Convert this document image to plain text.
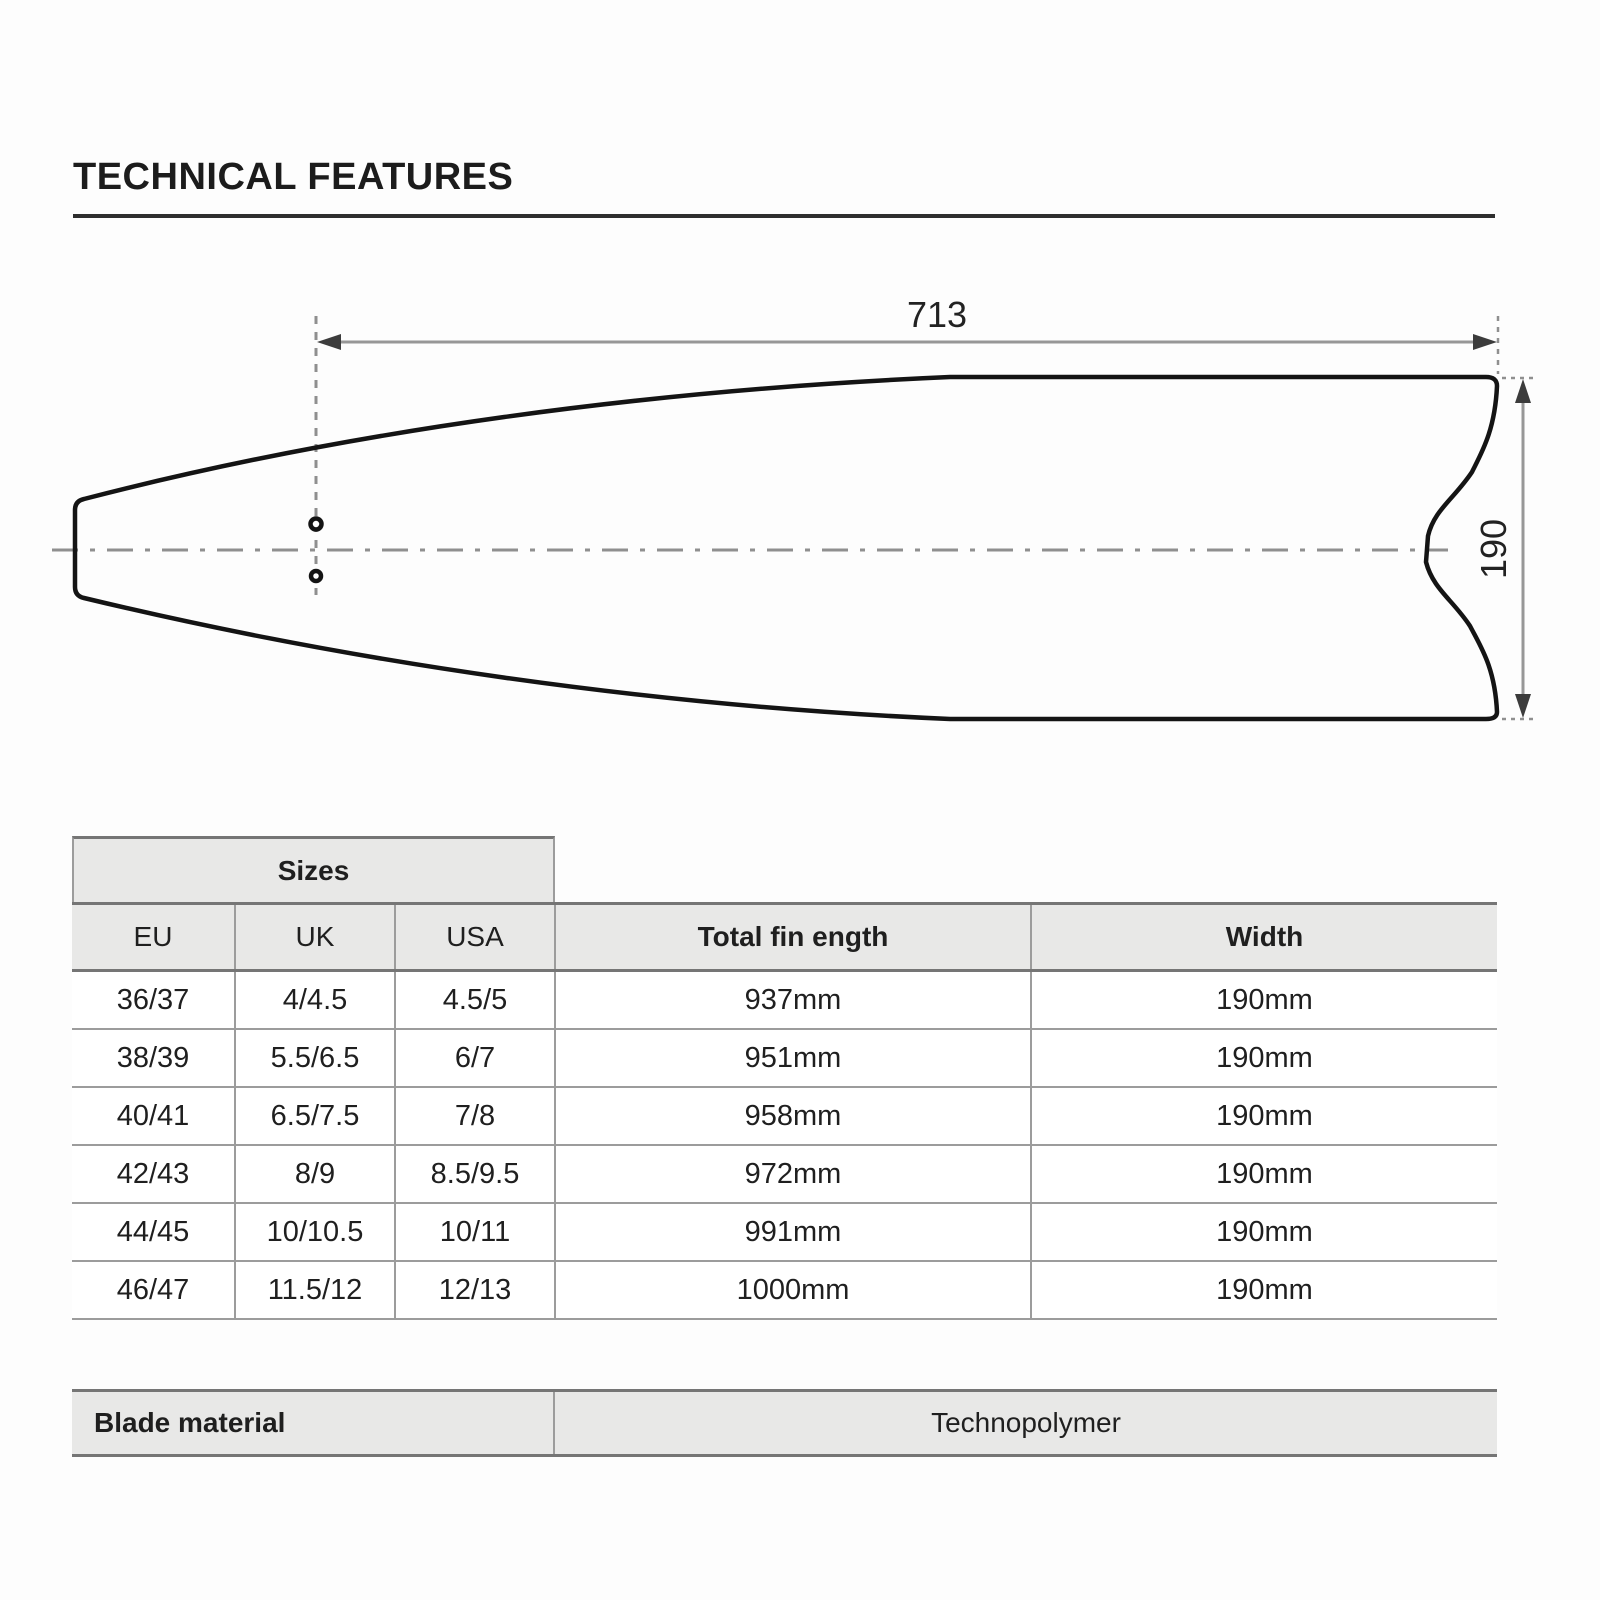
TECHNICAL FEATURES
713
190
Sizes
EU	UK	USA	Total fin ength	Width
36/37	4/4.5	4.5/5	937mm	190mm
38/39	5.5/6.5	6/7	951mm	190mm
40/41	6.5/7.5	7/8	958mm	190mm
42/43	8/9	8.5/9.5	972mm	190mm
44/45	10/10.5	10/11	991mm	190mm
46/47	11.5/12	12/13	1000mm	190mm
Blade material	Technopolymer
